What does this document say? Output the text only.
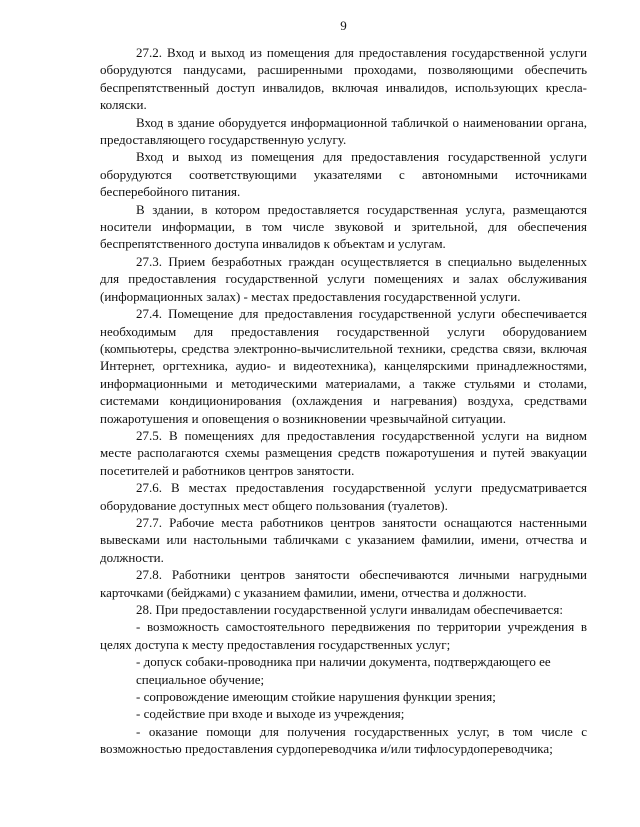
9

27.2. Вход и выход из помещения для предоставления государственной услуги оборудуются пандусами, расширенными проходами, позволяющими обеспечить беспрепятственный доступ инвалидов, включая инвалидов, использующих кресла-коляски.

Вход в здание оборудуется информационной табличкой о наименовании органа, предоставляющего государственную услугу.

Вход и выход из помещения для предоставления государственной услуги оборудуются соответствующими указателями с автономными источниками бесперебойного питания.

В здании, в котором предоставляется государственная услуга, размещаются носители информации, в том числе звуковой и зрительной, для обеспечения беспрепятственного доступа инвалидов к объектам и услугам.

27.3. Прием безработных граждан осуществляется в специально выделенных для предоставления государственной услуги помещениях и залах обслуживания (информационных залах) - местах предоставления государственной услуги.

27.4. Помещение для предоставления государственной услуги обеспечивается необходимым для предоставления государственной услуги оборудованием (компьютеры, средства электронно-вычислительной техники, средства связи, включая Интернет, оргтехника, аудио- и видеотехника), канцелярскими принадлежностями, информационными и методическими материалами, а также стульями и столами, системами кондиционирования (охлаждения и нагревания) воздуха, средствами пожаротушения и оповещения о возникновении чрезвычайной ситуации.

27.5. В помещениях для предоставления государственной услуги на видном месте располагаются схемы размещения средств пожаротушения и путей эвакуации посетителей и работников центров занятости.

27.6. В местах предоставления государственной услуги предусматривается оборудование доступных мест общего пользования (туалетов).

27.7. Рабочие места работников центров занятости оснащаются настенными вывесками или настольными табличками с указанием фамилии, имени, отчества и должности.

27.8. Работники центров занятости обеспечиваются личными нагрудными карточками (бейджами) с указанием фамилии, имени, отчества и должности.

28. При предоставлении государственной услуги инвалидам обеспечивается:

- возможность самостоятельного передвижения по территории учреждения в целях доступа к месту предоставления государственных услуг;

- допуск собаки-проводника при наличии документа, подтверждающего ее специальное обучение;

- сопровождение имеющим стойкие нарушения функции зрения;

- содействие при входе и выходе из учреждения;

- оказание помощи для получения государственных услуг, в том числе с возможностью предоставления сурдопереводчика и/или тифлосурдопереводчика;
